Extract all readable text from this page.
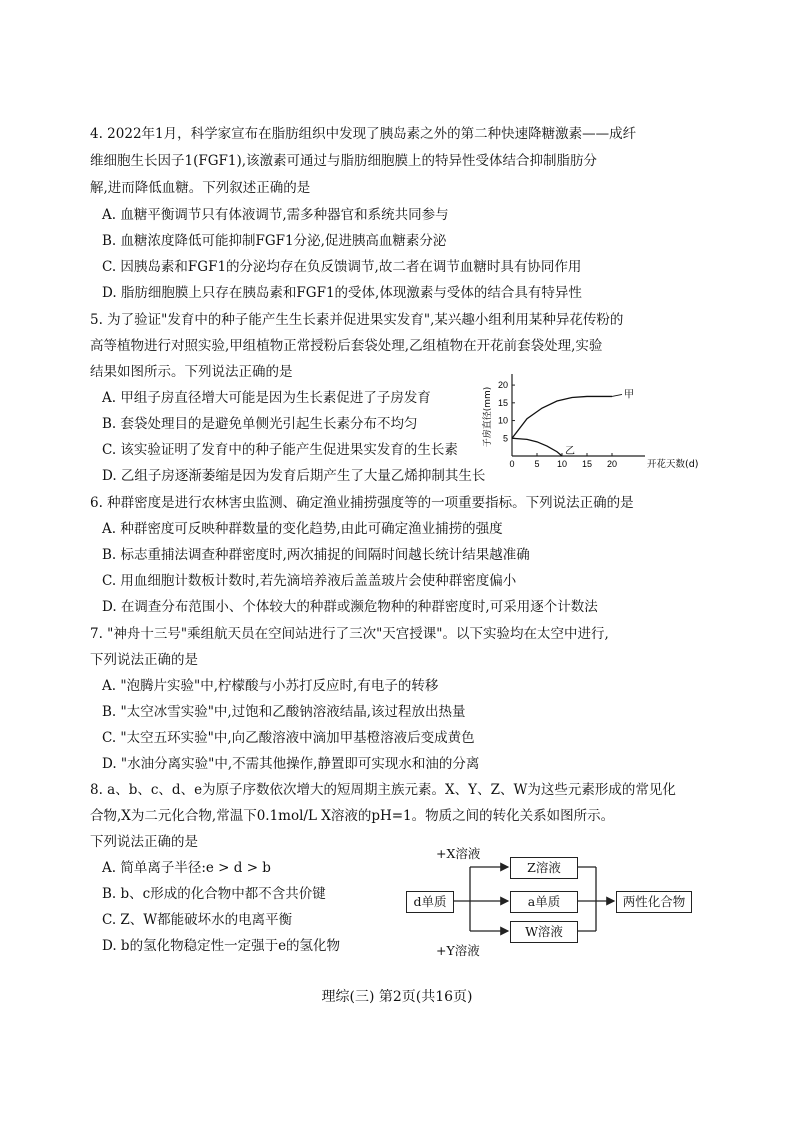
4. 2022年1月，科学家宣布在脂肪组织中发现了胰岛素之外的第二种快速降糖激素——成纤
维细胞生长因子1(FGF1),该激素可通过与脂肪细胞膜上的特异性受体结合抑制脂肪分
解,进而降低血糖。下列叙述正确的是
A. 血糖平衡调节只有体液调节,需多种器官和系统共同参与
B. 血糖浓度降低可能抑制FGF1分泌,促进胰高血糖素分泌
C. 因胰岛素和FGF1的分泌均存在负反馈调节,故二者在调节血糖时具有协同作用
D. 脂肪细胞膜上只存在胰岛素和FGF1的受体,体现激素与受体的结合具有特异性
5. 为了验证"发育中的种子能产生生长素并促进果实发育",某兴趣小组利用某种异花传粉的
高等植物进行对照实验,甲组植物正常授粉后套袋处理,乙组植物在开花前套袋处理,实验
结果如图所示。下列说法正确的是
A. 甲组子房直径增大可能是因为生长素促进了子房发育
B. 套袋处理目的是避免单侧光引起生长素分布不均匀
C. 该实验证明了发育中的种子能产生促进果实发育的生长素
D. 乙组子房逐渐萎缩是因为发育后期产生了大量乙烯抑制其生长
0 5 10 15 20
5
10
15
20
甲
乙
子房直径(mm)
开花天数(d)
6. 种群密度是进行农林害虫监测、确定渔业捕捞强度等的一项重要指标。下列说法正确的是
A. 种群密度可反映种群数量的变化趋势,由此可确定渔业捕捞的强度
B. 标志重捕法调查种群密度时,两次捕捉的间隔时间越长统计结果越准确
C. 用血细胞计数板计数时,若先滴培养液后盖盖玻片会使种群密度偏小
D. 在调查分布范围小、个体较大的种群或濒危物种的种群密度时,可采用逐个计数法
7. "神舟十三号"乘组航天员在空间站进行了三次"天宫授课"。以下实验均在太空中进行,
下列说法正确的是
A. "泡腾片实验"中,柠檬酸与小苏打反应时,有电子的转移
B. "太空冰雪实验"中,过饱和乙酸钠溶液结晶,该过程放出热量
C. "太空五环实验"中,向乙酸溶液中滴加甲基橙溶液后变成黄色
D. "水油分离实验"中,不需其他操作,静置即可实现水和油的分离
8. a、b、c、d、e为原子序数依次增大的短周期主族元素。X、Y、Z、W为这些元素形成的常见化
合物,X为二元化合物,常温下0.1mol/L X溶液的pH=1。物质之间的转化关系如图所示。
下列说法正确的是
A. 简单离子半径:e > d > b
B. b、c形成的化合物中都不含共价键
C. Z、W都能破坏水的电离平衡
D. b的氢化物稳定性一定强于e的氢化物
+X溶液
+Y溶液
d单质
Z溶液
a单质
W溶液
两性化合物
理综(三) 第2页(共16页)
